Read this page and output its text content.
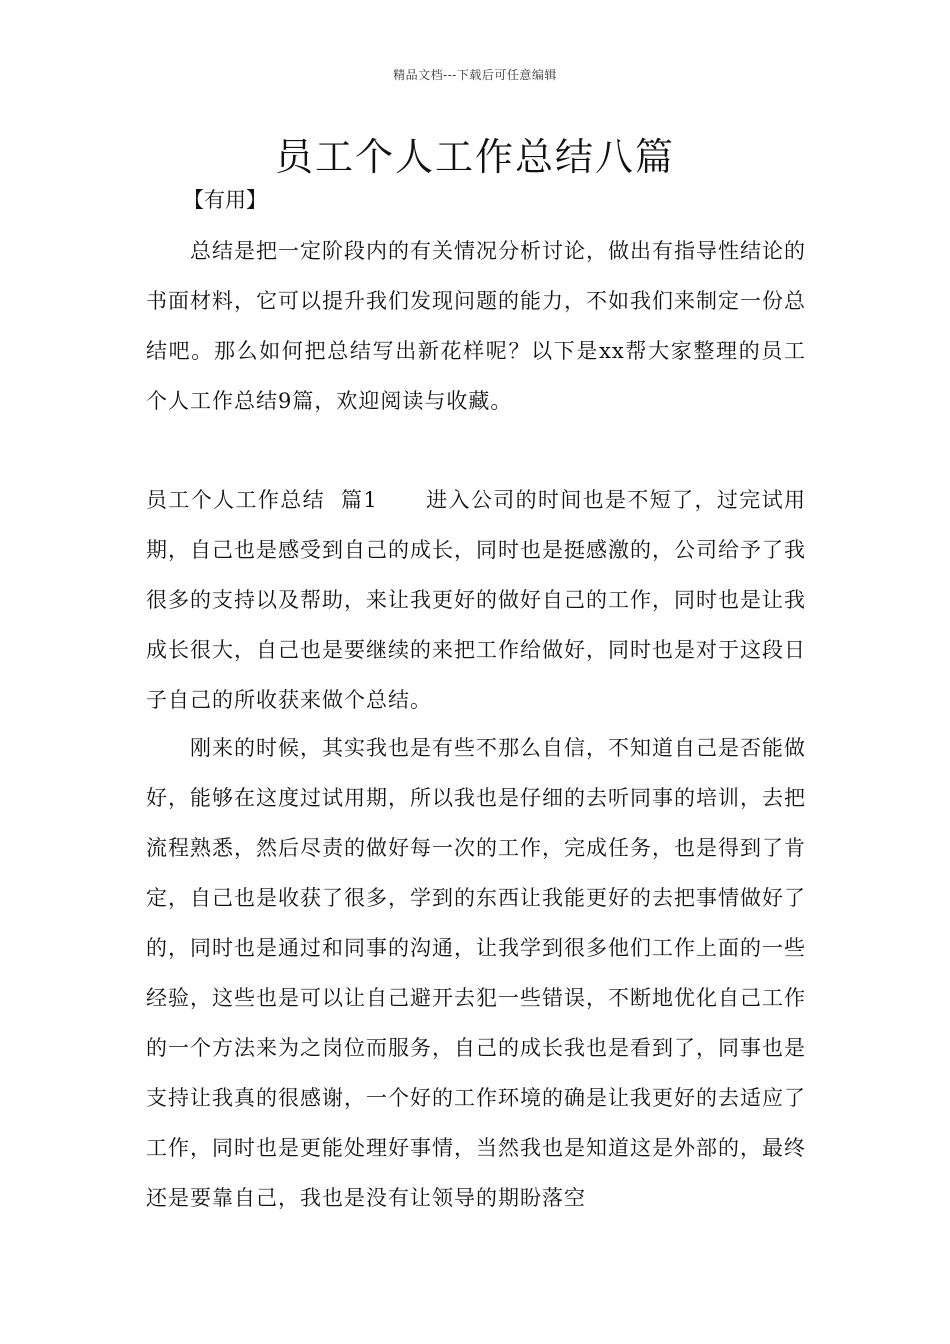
精品文档---下载后可任意编辑
员工个人工作总结八篇
【有用】

总结是把一定阶段内的有关情况分析讨论，做出有指导性结论的书面材料，它可以提升我们发现问题的能力，不如我们来制定一份总结吧。那么如何把总结写出新花样呢？以下是xx帮大家整理的员工个人工作总结9篇，欢迎阅读与收藏。

员工个人工作总结  篇1 进入公司的时间也是不短了，过完试用期，自己也是感受到自己的成长，同时也是挺感激的，公司给予了我很多的支持以及帮助，来让我更好的做好自己的工作，同时也是让我成长很大，自己也是要继续的来把工作给做好，同时也是对于这段日子自己的所收获来做个总结。

刚来的时候，其实我也是有些不那么自信，不知道自己是否能做好，能够在这度过试用期，所以我也是仔细的去听同事的培训，去把流程熟悉，然后尽责的做好每一次的工作，完成任务，也是得到了肯定，自己也是收获了很多，学到的东西让我能更好的去把事情做好了的，同时也是通过和同事的沟通，让我学到很多他们工作上面的一些经验，这些也是可以让自己避开去犯一些错误，不断地优化自己工作的一个方法来为之岗位而服务，自己的成长我也是看到了，同事也是支持让我真的很感谢，一个好的工作环境的确是让我更好的去适应了工作，同时也是更能处理好事情，当然我也是知道这是外部的，最终还是要靠自己，我也是没有让领导的期盼落空
